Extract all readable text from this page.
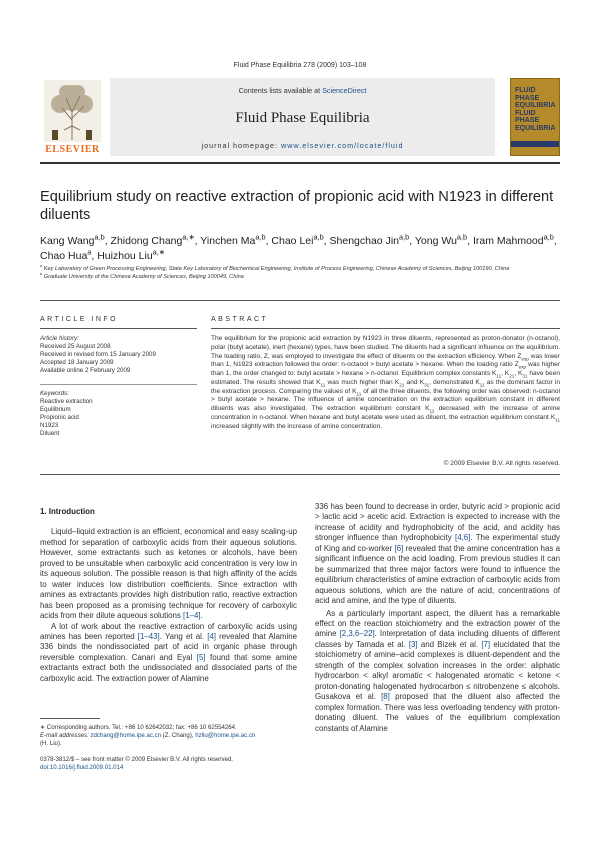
Fluid Phase Equilibria 278 (2009) 103–108
ELSEVIER
Contents lists available at ScienceDirect
Fluid Phase Equilibria
journal homepage: www.elsevier.com/locate/fluid
FLUID PHASE
EQUILIBRIA
FLUID PHASE
EQUILIBRIA
Equilibrium study on reactive extraction of propionic acid with N1923 in different diluents
Kang Wang$^{a,b}$, Zhidong Chang$^{a,∗}$, Yinchen Ma$^{a,b}$, Chao Lei$^{a,b}$, Shengchao Jin$^{a,b}$, Yong Wu$^{a,b}$, Iram Mahmood$^{a,b}$, Chao Hua$^a$, Huizhou Liu$^{a,∗}$
$^a$ Key Laboratory of Green Processing Engineering, State Key Laboratory of Biochemical Engineering, Institute of Process Engineering, Chinese Academy of Sciences, Beijing 100190, China
$^b$ Graduate University of the Chinese Academy of Sciences, Beijing 100049, China
ARTICLE INFO	ABSTRACT
Article history:
Received 25 August 2008
Received in revised form 15 January 2009
Accepted 18 January 2009
Available online 2 February 2009
Keywords:
Reactive extraction
Equilibrium
Propionic acid
N1923
Diluent
The equilibrium for the propionic acid extraction by N1923 in three diluents, represented as proton-donator (n-octanol), polar (butyl acetate), inert (hexane) types, have been studied. The diluents had a significant influence on the equilibrium. The loading ratio, Z, was employed to investigate the effect of diluents on the extraction efficiency. When $Z_{exp}$ was lower than 1, N1923 extraction followed the order: n-octanol > butyl acetate > hexane. When the loading ratio $Z_{exp}$ was higher than 1, the order changed to: butyl acetate > hexane > n-octanol. Equilibrium complex constants $K_{11}$, $K_{21}$, $K_{31}$ have been estimated. The results showed that $K_{11}$ was much higher than $K_{21}$ and $K_{31}$, demonstrated $K_{11}$ as the dominant factor in the extraction process. Comparing the values of $K_{11}$ of all the three diluents, the following order was observed: n-octanol > butyl acetate > hexane. The influence of amine concentration on the extraction equilibrium constant in different diluents was also investigated. The extraction equilibrium constant $K_{11}$ decreased with the increase of amine concentration in n-octanol. When hexane and butyl acetate were used as diluent, the extraction equilibrium constant $K_{11}$ increased slightly with the increase of amine concentration.
© 2009 Elsevier B.V. All rights reserved.
1. Introduction

Liquid–liquid extraction is an efficient, economical and easy scaling-up method for separation of carboxylic acids from their aqueous solutions. However, some extractants such as ketones or alcohols, have been proved to be unsuitable when carboxylic acid concentration is very low in its aqueous solution. The possible reason is that high affinity of the acids to water induces low distribution coefficients. Since extraction with amines as extractants provides high distribution ratio, reactive extraction has been proposed as a promising technique for recovery of carboxylic acids from their dilute aqueous solutions [1–4].

A lot of work about the reactive extraction of carboxylic acids using amines has been reported [1–43]. Yang et al. [4] revealed that Alamine 336 binds the nondissociated part of acid in organic phase through reversible complexation. Canari and Eyal [5] found that some amine extractants extract both the undissociated and dissociated parts of the carboxylic acid. The extraction power of Alamine

336 has been found to decrease in order, butyric acid > propionic acid > lactic acid > acetic acid. Extraction is expected to increase with the increase of acidity and hydrophobicity of the acid, and acidity has stronger influence than hydrophobicity [4,6]. The experimental study of King and co-worker [6] revealed that the amine concentration has a significant influence on the acid loading. From previous studies it can be summarized that three major factors were found to influence the equilibrium characteristics of amine extraction of carboxylic acids from aqueous solutions, which are the nature of acid, concentrations of acid and amine, and the type of diluents.

As a particularly important aspect, the diluent has a remarkable effect on the reaction stoichiometry and the extraction power of the amine [2,3,6–22]. Interpretation of data including diluents of different classes by Tamada et al. [3] and Bizek et al. [7] elucidated that the stoichiometry of amine–acid complexes is diluent-dependent and the strength of the complex solvation increases in the order: aliphatic hydrocarbon < alkyl aromatic < halogenated aromatic < ketone < proton-donating halogenated hydrocarbon ≤ nitrobenzene ≤ alcohols. Gusakova et al. [8] proposed that the diluent also affected the complex formation. There was less overloading tendency with proton-donating diluent. The values of the equilibrium complexation constants of Alamine

∗ Corresponding authors. Tel.: +86 10 62642032; fax: +86 10 62554264.
E-mail addresses: zdchang@home.ipe.ac.cn (Z. Chang), hzliu@home.ipe.ac.cn
(H. Liu).
0378-3812/$ – see front matter © 2009 Elsevier B.V. All rights reserved.
doi:10.1016/j.fluid.2009.01.014
